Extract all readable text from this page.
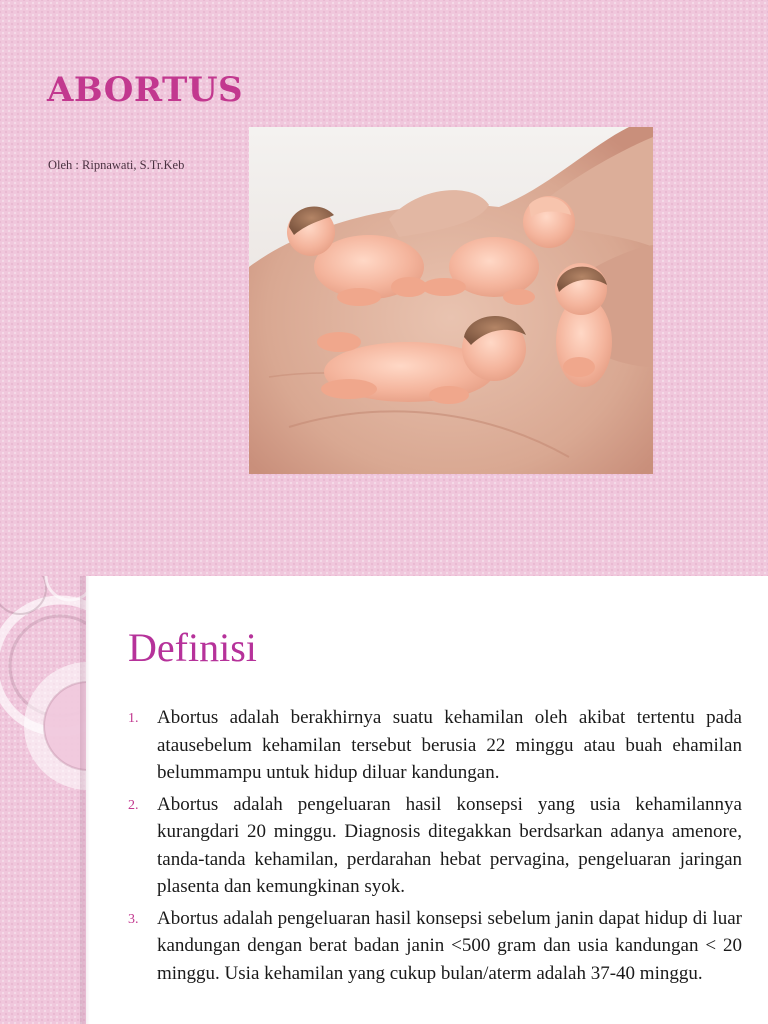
ABORTUS
Oleh : Ripnawati, S.Tr.Keb
Definisi
1. Abortus adalah berakhirnya suatu kehamilan oleh akibat tertentu pada atausebelum kehamilan tersebut berusia 22 minggu atau buah ehamilan belummampu untuk hidup diluar kandungan.
2. Abortus adalah pengeluaran hasil konsepsi yang usia kehamilannya kurangdari 20 minggu. Diagnosis ditegakkan berdsarkan adanya amenore, tanda-tanda kehamilan, perdarahan hebat pervagina, pengeluaran jaringan plasenta dan kemungkinan syok.
3. Abortus adalah pengeluaran hasil konsepsi sebelum janin dapat hidup di luar kandungan dengan berat badan janin <500 gram dan usia kandungan < 20 minggu. Usia kehamilan yang cukup bulan/aterm adalah 37-40 minggu.
